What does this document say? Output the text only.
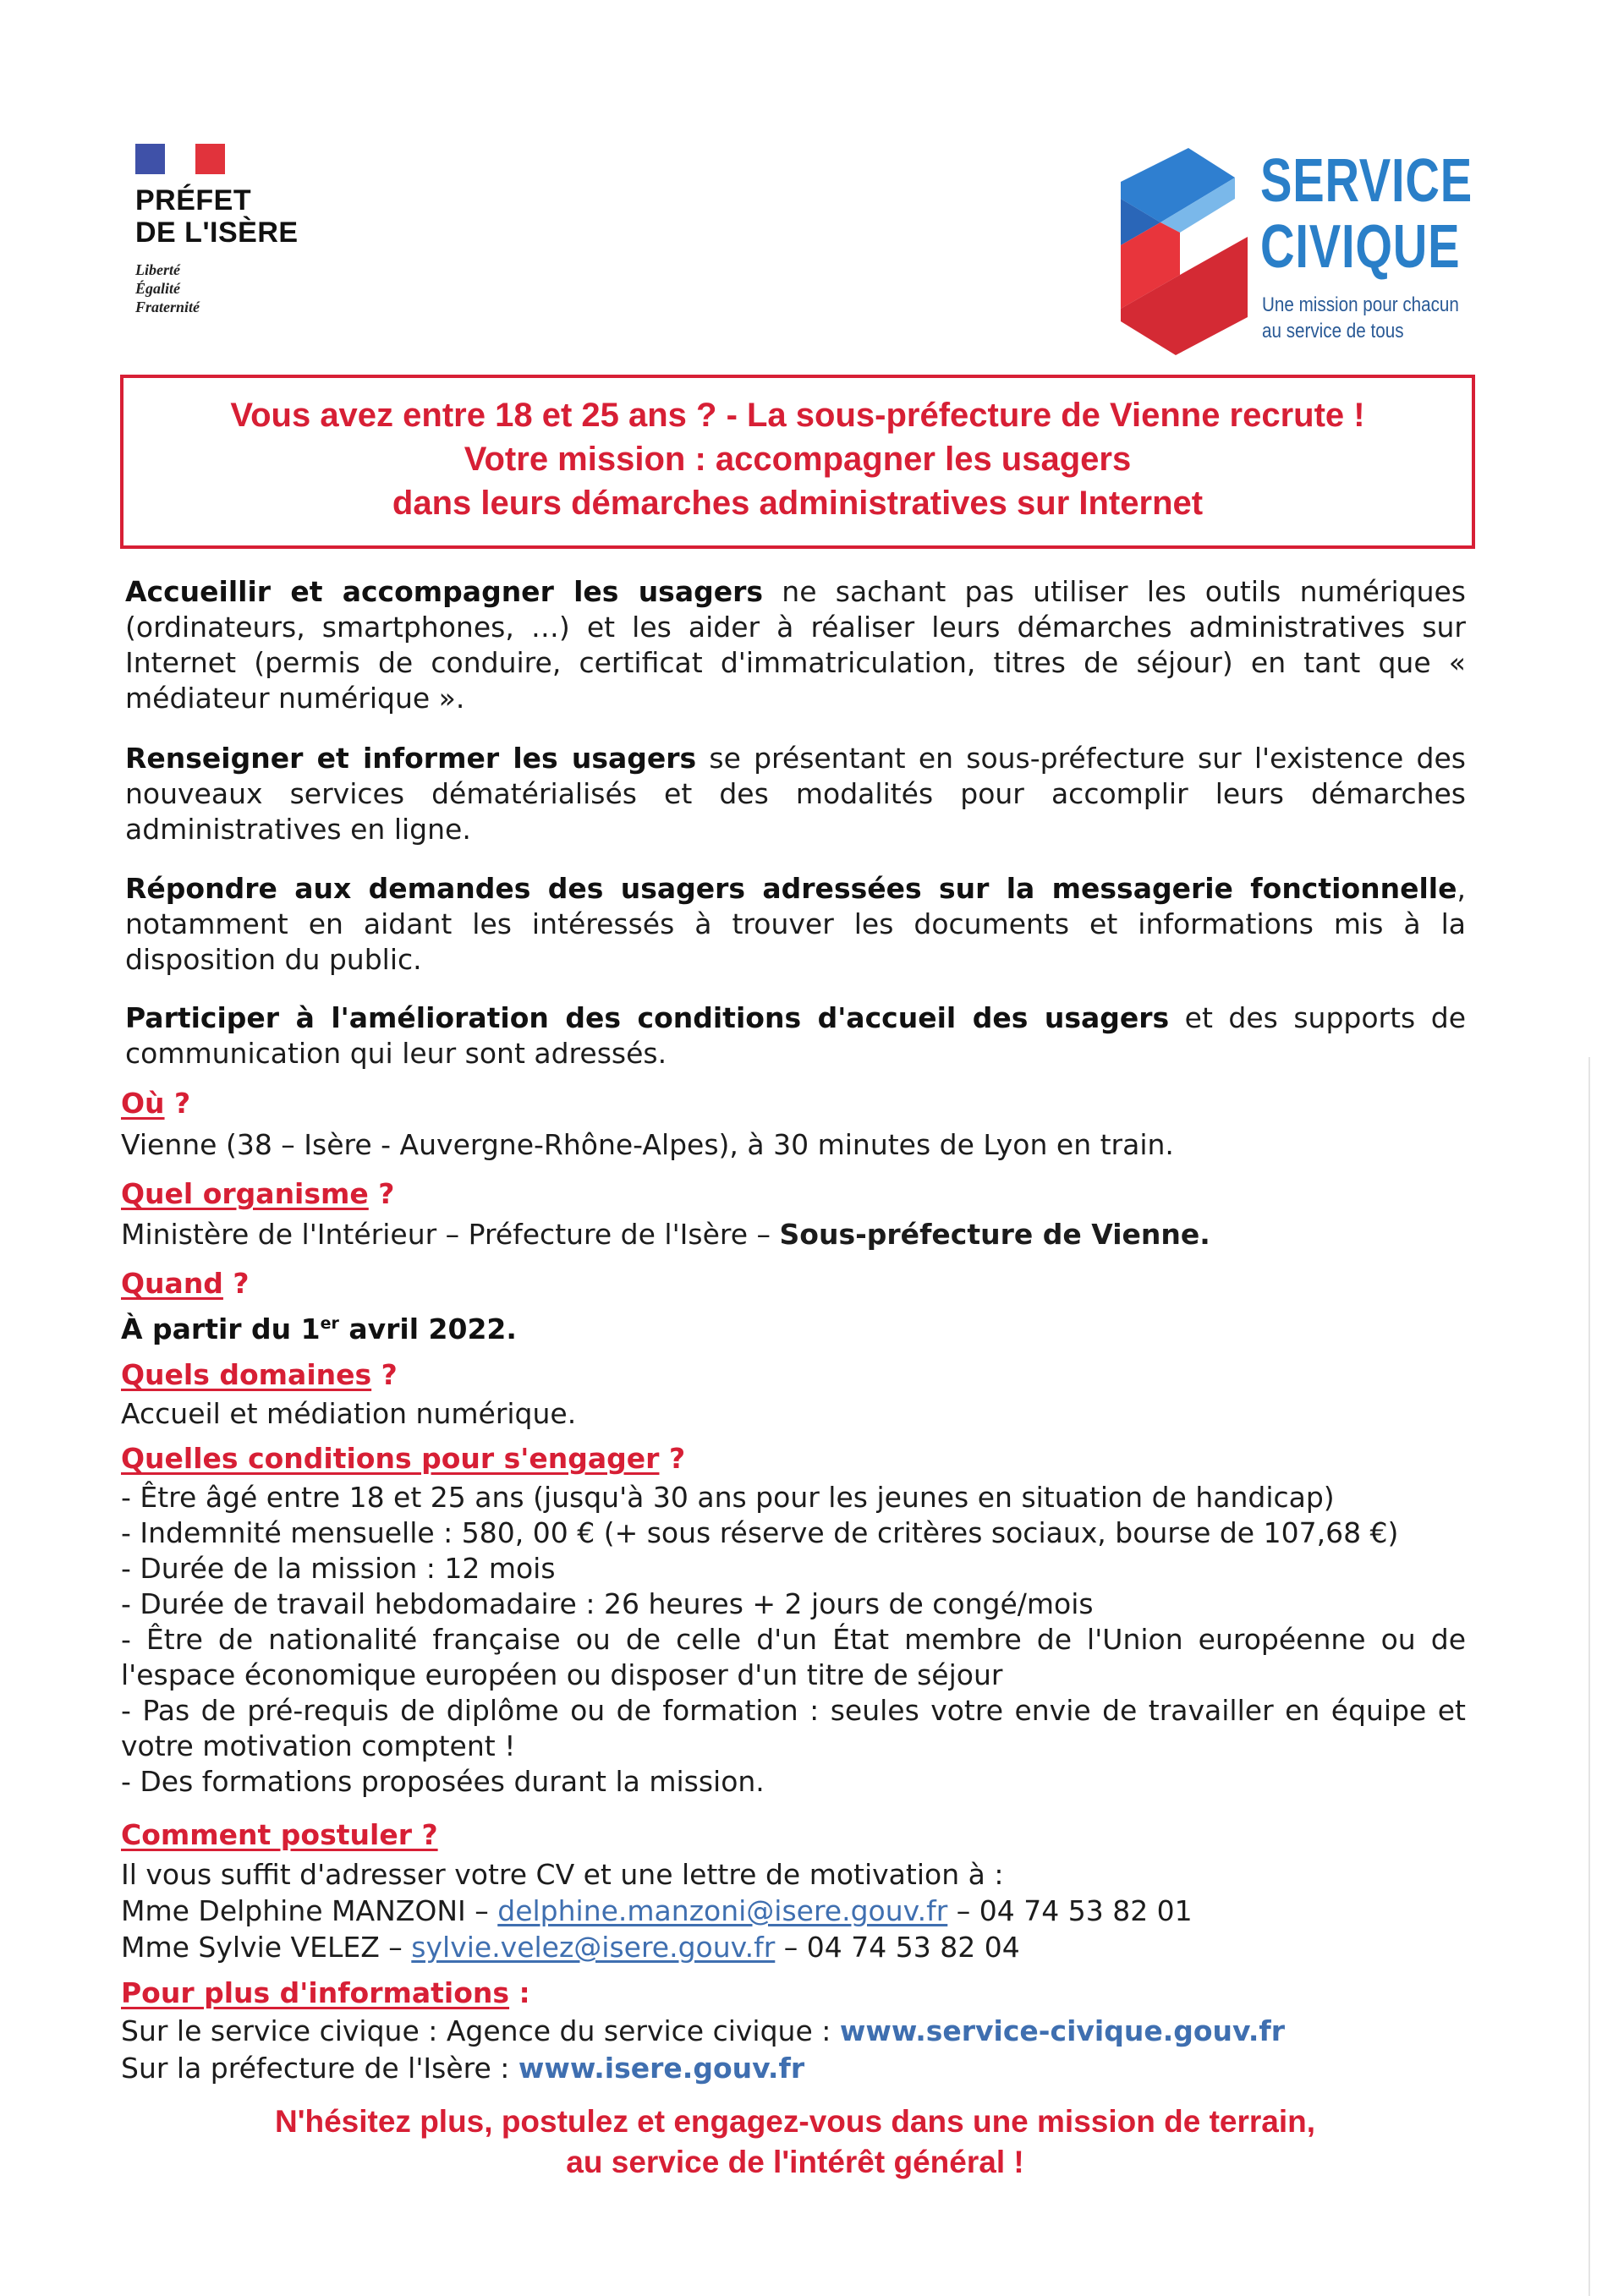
PRÉFET
DE L'ISÈRE
Liberté
Égalité
Fraternité
SERVICE
CIVIQUE
Une mission pour chacun
au service de tous
Vous avez entre 18 et 25 ans ? - La sous-préfecture de Vienne recrute !
Votre mission : accompagner les usagers
dans leurs démarches administratives sur Internet
Accueillir et accompagner les usagers ne sachant pas utiliser les outils numériques (ordinateurs, smartphones, …) et les aider à réaliser leurs démarches administratives sur Internet (permis de conduire, certificat d'immatriculation, titres de séjour) en tant que « médiateur numérique ».
Renseigner et informer les usagers se présentant en sous-préfecture sur l'existence des nouveaux services dématérialisés et des modalités pour accomplir leurs démarches administratives en ligne.
Répondre aux demandes des usagers adressées sur la messagerie fonctionnelle, notamment en aidant les intéressés à trouver les documents et informations mis à la disposition du public.
Participer à l'amélioration des conditions d'accueil des usagers et des supports de communication qui leur sont adressés.
Où ?
Vienne (38 – Isère - Auvergne-Rhône-Alpes), à 30 minutes de Lyon en train.
Quel organisme ?
Ministère de l'Intérieur – Préfecture de l'Isère – Sous-préfecture de Vienne.
Quand ?
À partir du 1er avril 2022.
Quels domaines ?
Accueil et médiation numérique.
Quelles conditions pour s'engager ?
- Être âgé entre 18 et 25 ans (jusqu'à 30 ans pour les jeunes en situation de handicap)
- Indemnité mensuelle : 580, 00 € (+ sous réserve de critères sociaux, bourse de 107,68 €)
- Durée de la mission : 12 mois
- Durée de travail hebdomadaire : 26 heures + 2 jours de congé/mois
- Être de nationalité française ou de celle d'un État membre de l'Union européenne ou de l'espace économique européen ou disposer d'un titre de séjour
- Pas de pré-requis de diplôme ou de formation : seules votre envie de travailler en équipe et votre motivation comptent !
- Des formations proposées durant la mission.
Comment postuler ?
Il vous suffit d'adresser votre CV et une lettre de motivation à :
Mme Delphine MANZONI – delphine.manzoni@isere.gouv.fr – 04 74 53 82 01
Mme Sylvie VELEZ – sylvie.velez@isere.gouv.fr – 04 74 53 82 04
Pour plus d'informations :
Sur le service civique : Agence du service civique : www.service-civique.gouv.fr
Sur la préfecture de l'Isère : www.isere.gouv.fr
N'hésitez plus, postulez et engagez-vous dans une mission de terrain,
au service de l'intérêt général !
